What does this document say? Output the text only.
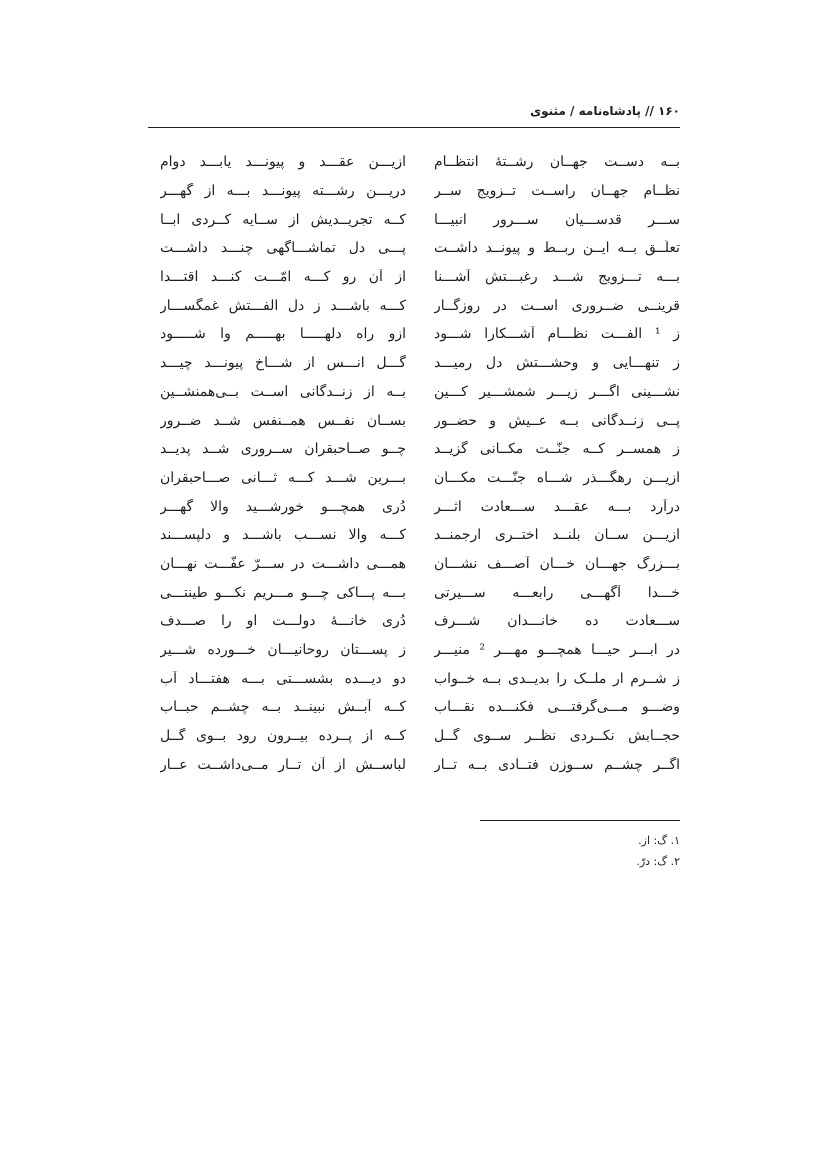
۱۶۰ // پادشاه‌نامه / مثنوی
بــه دســت جهــان رشــتهٔ انتظــام
ازیـــن عقـــد و پیونـــد یابـــد دوام
نظــام جهــان راســت تــزویج ســر
دریـــن رشـــته پیونـــد بـــه از گهـــر
ســـر قدســـیان ســـرور انبیـــا
کــه تجریــدیش از ســایه کــردی ابــا
تعلّــق بــه ایــن ربــط و پیونــد داشــت
پـــی دل تماشـــاگهی چنـــد داشـــت
بـــه تـــزویج شـــد رغبـــتش آشـــنا
از آن رو کـــه امّـــت کنـــد اقتـــدا
قرینــی ضــروری اســت در روزگــار
کـــه باشـــد ز دل الفـــتش غمگســـار
ز ¹ الفـــت نظـــام آشـــکارا شـــود
ازو راه دلهـــــا بهـــــم وا شـــــود
ز تنهـــایی و وحشـــتش دل رمیـــد
گـــل انـــس از شـــاخ پیونـــد چیـــد
نشـــینی اگـــر زیـــر شمشـــیر کـــین
بــه از زنــدگانی اســت بــی‌همنشــین
پــی زنــدگانی بــه عــیش و حضــور
بســان نفــس همــنفس شــد ضــرور
ز همســر کــه جنّــت مکــانی گزیــد
چــو صــاحبقران ســروری شــد پدیــد
ازیـــن رهگـــذر شـــاه جنّـــت مکـــان
بـــرین شـــد کـــه ثـــانی صـــاحبقران
درآرد بـــه عقـــد ســـعادت اثـــر
دُری همچـــو خورشـــید والا گهـــر
ازیـــن ســان بلنــد اختــری ارجمنــد
کـــه والا نســـب باشـــد و دلپســـند
بـــزرگ جهـــان خـــان آصـــف نشـــان
همـــی داشـــت در ســـرّ عفّـــت نهـــان
خـــدا آگهـــی رابعـــه ســـیرتی
بـــه پـــاکی چـــو مـــریم نکـــو طینتـــی
ســـعادت ده خانـــدان شـــرف
دُری خانـــهٔ دولـــت او را صـــدف
در ابـــر حیـــا همچـــو مهـــر ² منیـــر
ز پســـتان روحانیـــان خـــورده شـــیر
ز شــرم ار ملــک را بدیــدی بــه خــواب
دو دیـــده بشســـتی بـــه هفتـــاد آب
وضـــو مـــی‌گرفتـــی فکنـــده نقـــاب
کــه آبــش نبینــد بــه چشــم حبــاب
حجــابش نکــردی نظــر ســوی گــل
کــه از پــرده بیــرون رود بــوی گــل
اگــر چشــم ســوزن فتــادی بــه تــار
لباســش از آن تــار مــی‌داشــت عــار
۱. گ: از.
۲. گ: درّ.
